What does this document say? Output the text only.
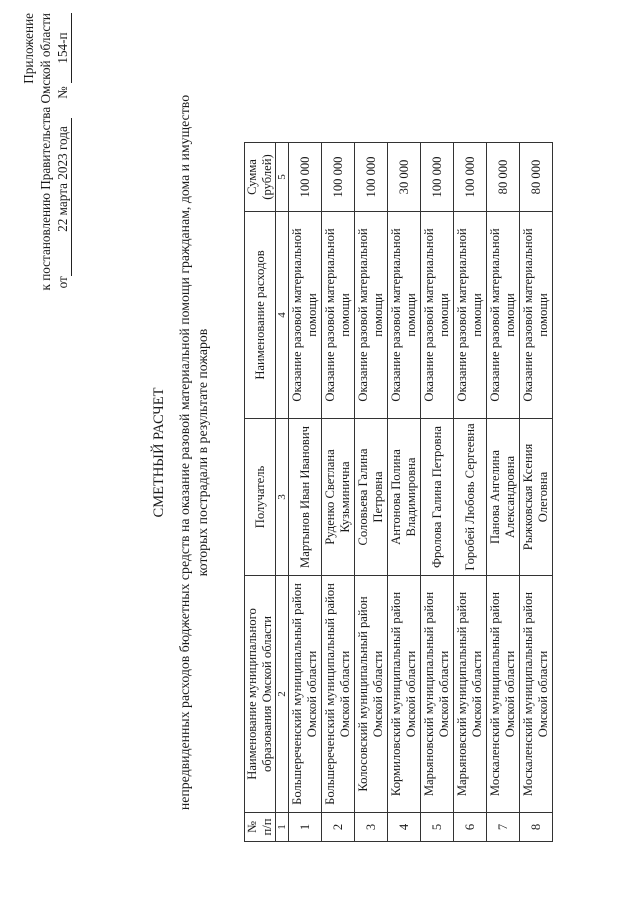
Приложение к постановлению Правительства Омской области от22 марта 2023 года № 154-п
СМЕТНЫЙ РАСЧЕТ непредвиденных расходов бюджетных средств на оказание разовой материальной помощи гражданам, дома и имущество которых пострадали в результате пожаров
№ п/п	Наименование муниципального образования Омской области	Получатель	Наименование расходов	Сумма (рублей)
1	2	3	4	5
1	Большереченский муниципальный район Омской области	Мартынов Иван Иванович	Оказание разовой материальной помощи	100 000
2	Большереченский муниципальный район Омской области	Руденко Светлана Кузьминична	Оказание разовой материальной помощи	100 000
3	Колосовский муниципальный район Омской области	Соловьева Галина Петровна	Оказание разовой материальной помощи	100 000
4	Кормиловский муниципальный район Омской области	Антонова Полина Владимировна	Оказание разовой материальной помощи	30 000
5	Марьяновский муниципальный район Омской области	Фролова Галина Петровна	Оказание разовой материальной помощи	100 000
6	Марьяновский муниципальный район Омской области	Горобей Любовь Сергеевна	Оказание разовой материальной помощи	100 000
7	Москаленский муниципальный район Омской области	Панова Ангелина Александровна	Оказание разовой материальной помощи	80 000
8	Москаленский муниципальный район Омской области	Рыжковская Ксения Олеговна	Оказание разовой материальной помощи	80 000
